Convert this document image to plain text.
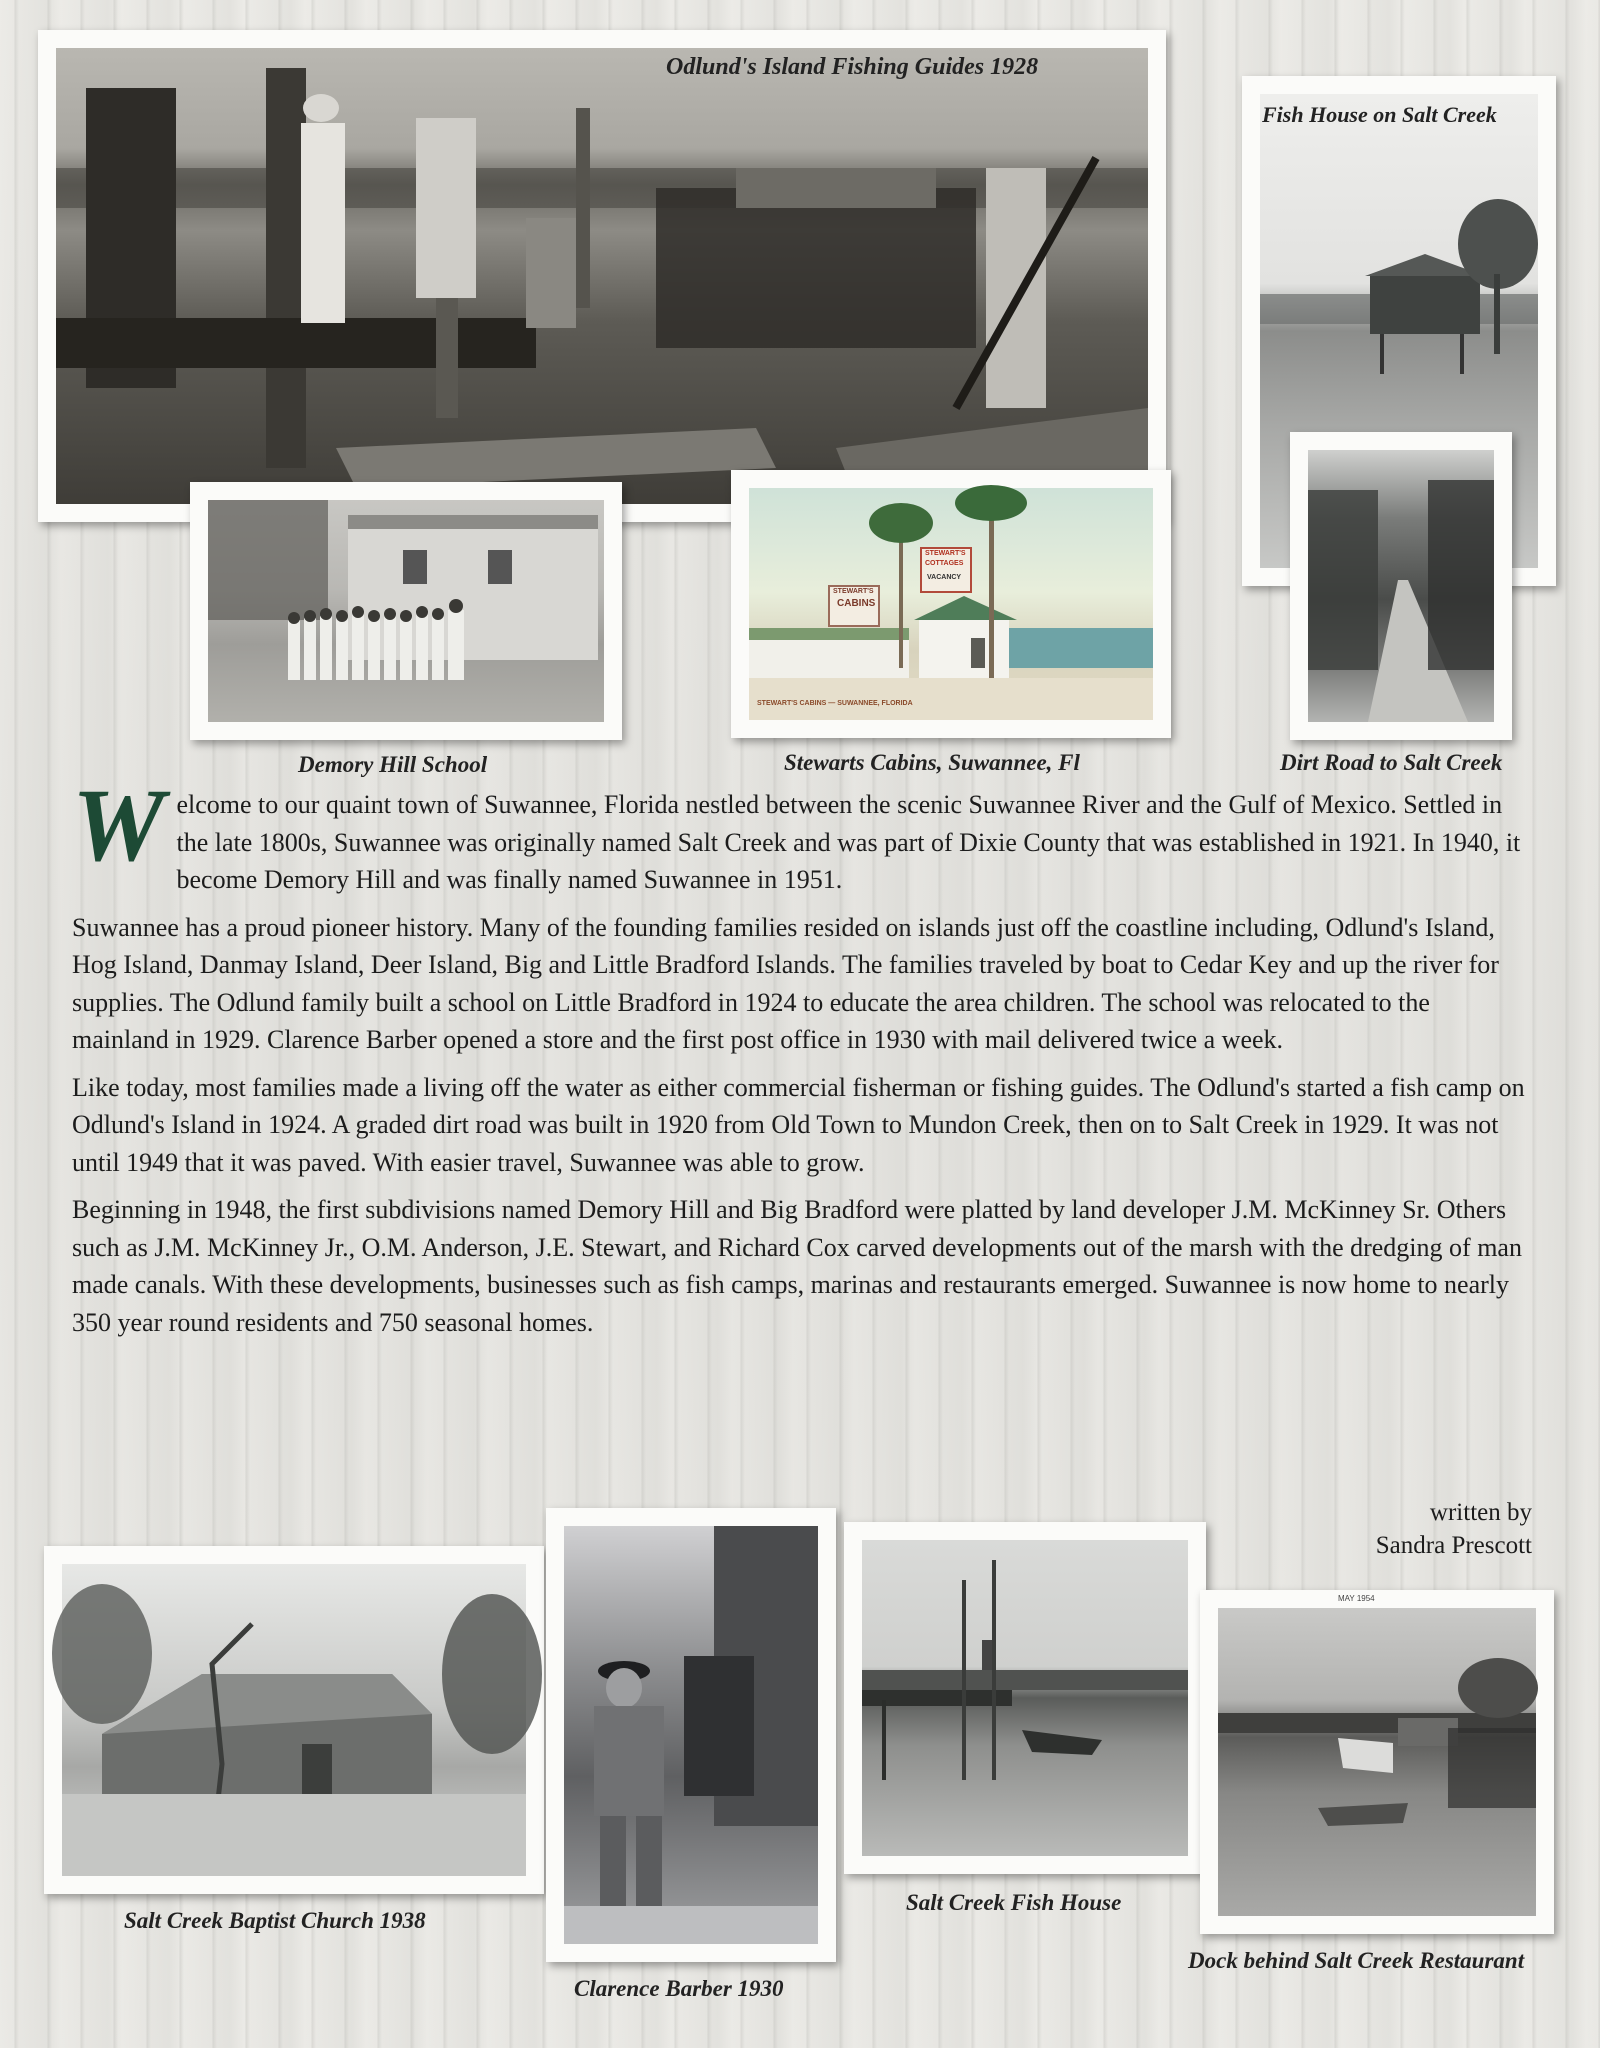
Odlund's Island Fishing Guides 1928
Fish House on Salt Creek
STEWART'S
CABINS
STEWART'S
COTTAGES
VACANCY
STEWART'S CABINS — SUWANNEE, FLORIDA
Demory Hill School	Stewarts Cabins, Suwannee, Fl	Dirt Road to Salt Creek

Welcome to our quaint town of Suwannee, Florida nestled between the scenic Suwannee River and the Gulf of Mexico. Settled in the late 1800s, Suwannee was originally named Salt Creek and was part of Dixie County that was established in 1921. In 1940, it become Demory Hill and was finally named Suwannee in 1951.

Suwannee has a proud pioneer history. Many of the founding families resided on islands just off the coastline including, Odlund's Island, Hog Island, Danmay Island, Deer Island, Big and Little Bradford Islands. The families traveled by boat to Cedar Key and up the river for supplies. The Odlund family built a school on Little Bradford in 1924 to educate the area children. The school was relocated to the mainland in 1929. Clarence Barber opened a store and the first post office in 1930 with mail delivered twice a week.

Like today, most families made a living off the water as either commercial fisherman or fishing guides. The Odlund's started a fish camp on Odlund's Island in 1924. A graded dirt road was built in 1920 from Old Town to Mundon Creek, then on to Salt Creek in 1929. It was not until 1949 that it was paved. With easier travel, Suwannee was able to grow.

Beginning in 1948, the first subdivisions named Demory Hill and Big Bradford were platted by land developer J.M. McKinney Sr. Others such as J.M. McKinney Jr., O.M. Anderson, J.E. Stewart, and Richard Cox carved developments out of the marsh with the dredging of man made canals. With these developments, businesses such as fish camps, marinas and restaurants emerged. Suwannee is now home to nearly 350 year round residents and 750 seasonal homes.

written by
Sandra Prescott
MAY 1954
Salt Creek Baptist Church 1938
Clarence Barber 1930
Salt Creek Fish House
Dock behind Salt Creek Restaurant
